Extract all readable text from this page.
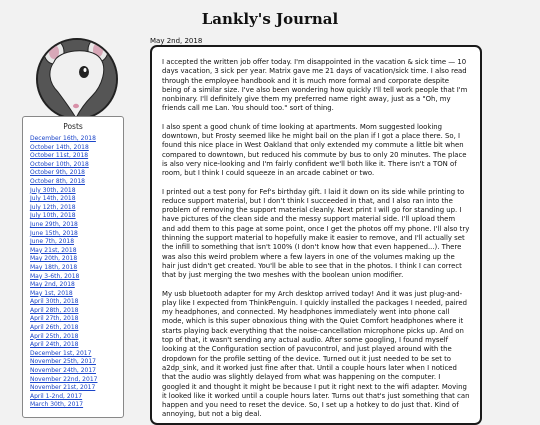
Lankly's Journal
Posts
December 16th, 2018
October 14th, 2018
October 11st, 2018
October 10th, 2018
October 9th, 2018
October 8th, 2018
July 30th, 2018
July 14th, 2018
July 12th, 2018
July 10th, 2018
June 29th, 2018
June 15th, 2018
June 7th, 2018
May 21st, 2018
May 20th, 2018
May 18th, 2018
May 3-6th, 2018
May 2nd, 2018
May 1st, 2018
April 30th, 2018
April 28th, 2018
April 27th, 2018
April 26th, 2018
April 25th, 2018
April 24th, 2018
December 1st, 2017
November 25th, 2017
November 24th, 2017
November 22nd, 2017
November 21st, 2017
April 1-2nd, 2017
March 30th, 2017
May 2nd, 2018

I accepted the written job offer today. I'm disappointed in the vacation & sick time — 10 days vacation, 3 sick per year. Matrix gave me 21 days of vacation/sick time. I also read through the employee handbook and it is much more formal and corporate despite being of a similar size. I've also been wondering how quickly I'll tell work people that I'm nonbinary. I'll definitely give them my preferred name right away, just as a "Oh, my friends call me Lan. You should too." sort of thing.

I also spent a good chunk of time looking at apartments. Mom suggested looking downtown, but Frosty seemed like he might bail on the plan if I got a place there. So, I found this nice place in West Oakland that only extended my commute a little bit when compared to downtown, but reduced his commute by bus to only 20 minutes. The place is also very nice-looking and I'm fairly confident we'll both like it. There isn't a TON of room, but I think I could squeeze in an arcade cabinet or two.

I printed out a test pony for Fef's birthday gift. I laid it down on its side while printing to reduce support material, but I don't think I succeeded in that, and I also ran into the problem of removing the support material cleanly. Next print I will go for standing up. I have pictures of the clean side and the messy support material side. I'll upload them and add them to this page at some point, once I get the photos off my phone. I'll also try thinning the support material to hopefully make it easier to remove, and I'll actually set the infill to something that isn't 100% (I don't know how that even happened...). There was also this weird problem where a few layers in one of the volumes making up the hair just didn't get created. You'll be able to see that in the photos. I think I can correct that by just merging the two meshes with the boolean union modifier.

My usb bluetooth adapter for my Arch desktop arrived today! And it was just plug-and-play like I expected from ThinkPenguin. I quickly installed the packages I needed, paired my headphones, and connected. My headphones immediately went into phone call mode, which is this super obnoxious thing with the Quiet Comfort headphones where it starts playing back everything that the noise-cancellation microphone picks up. And on top of that, it wasn't sending any actual audio. After some googling, I found myself looking at the Configuration section of pavucontrol, and just played around with the dropdown for the profile setting of the device. Turned out it just needed to be set to a2dp_sink, and it worked just fine after that. Until a couple hours later when I noticed that the audio was slightly delayed from what was happening on the computer. I googled it and thought it might be because I put it right next to the wifi adapter. Moving it looked like it worked until a couple hours later. Turns out that's just something that can happen and you need to reset the device. So, I set up a hotkey to do just that. Kind of annoying, but not a big deal.
